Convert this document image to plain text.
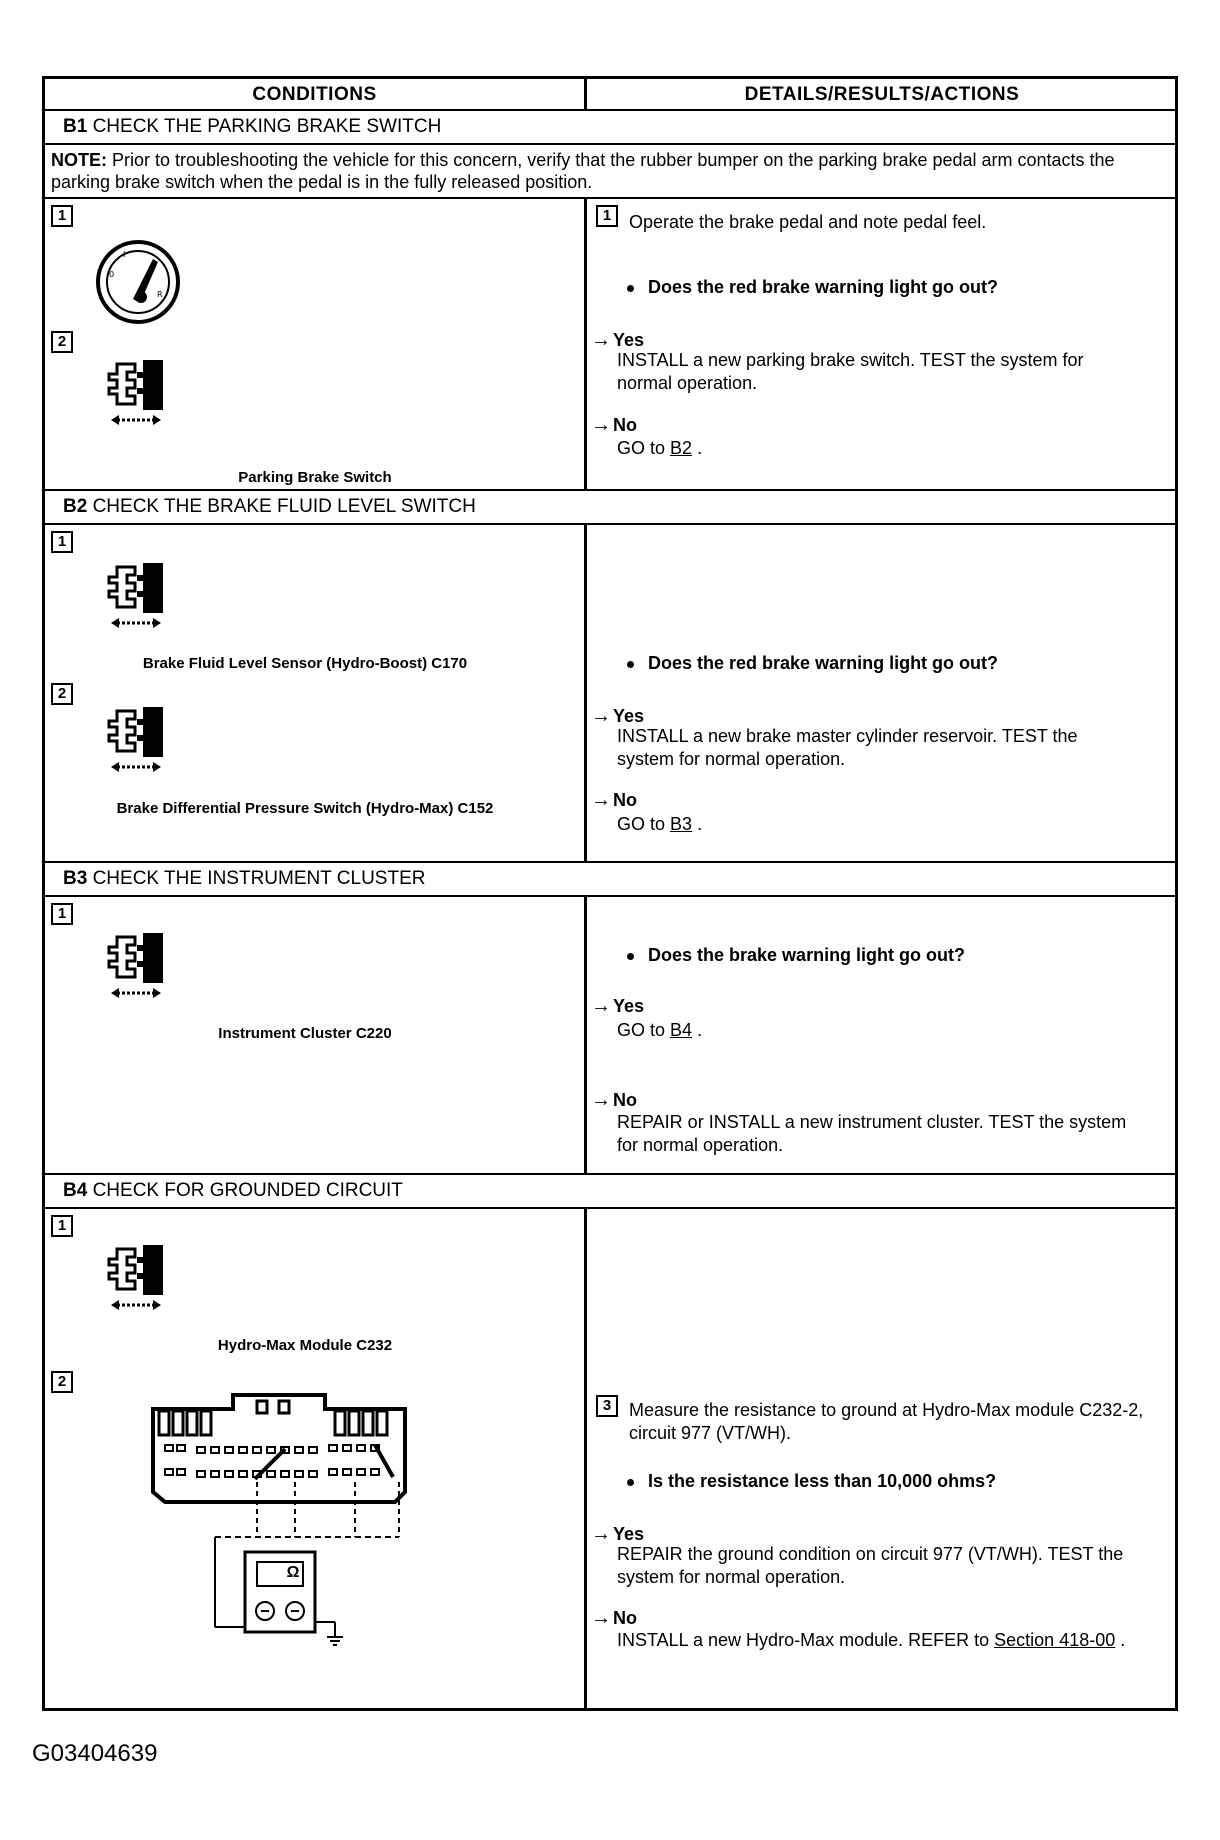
CONDITIONS	DETAILS/RESULTS/ACTIONS
B1 CHECK THE PARKING BRAKE SWITCH
NOTE: Prior to troubleshooting the vehicle for this concern, verify that the rubber bumper on the parking brake pedal arm contacts the parking brake switch when the pedal is in the fully released position.
1
0
I
R
2
Parking Brake Switch
1 Operate the brake pedal and note pedal feel.
Does the red brake warning light go out?
→ Yes
INSTALL a new parking brake switch. TEST the system for normal operation.
→ No
GO to B2 .
B2 CHECK THE BRAKE FLUID LEVEL SWITCH
1
Brake Fluid Level Sensor (Hydro-Boost) C170
2
Brake Differential Pressure Switch (Hydro-Max) C152
Does the red brake warning light go out?
→ Yes
INSTALL a new brake master cylinder reservoir. TEST the system for normal operation.
→ No
GO to B3 .
B3 CHECK THE INSTRUMENT CLUSTER
1
Instrument Cluster C220
Does the brake warning light go out?
→ Yes
GO to B4 .
→ No
REPAIR or INSTALL a new instrument cluster. TEST the system for normal operation.
B4 CHECK FOR GROUNDED CIRCUIT
1
Hydro-Max Module C232
2
Ω
3 Measure the resistance to ground at Hydro-Max module C232-2, circuit 977 (VT/WH).
Is the resistance less than 10,000 ohms?
→ Yes
REPAIR the ground condition on circuit 977 (VT/WH). TEST the system for normal operation.
→ No
INSTALL a new Hydro-Max module. REFER to Section 418-00 .
G03404639
